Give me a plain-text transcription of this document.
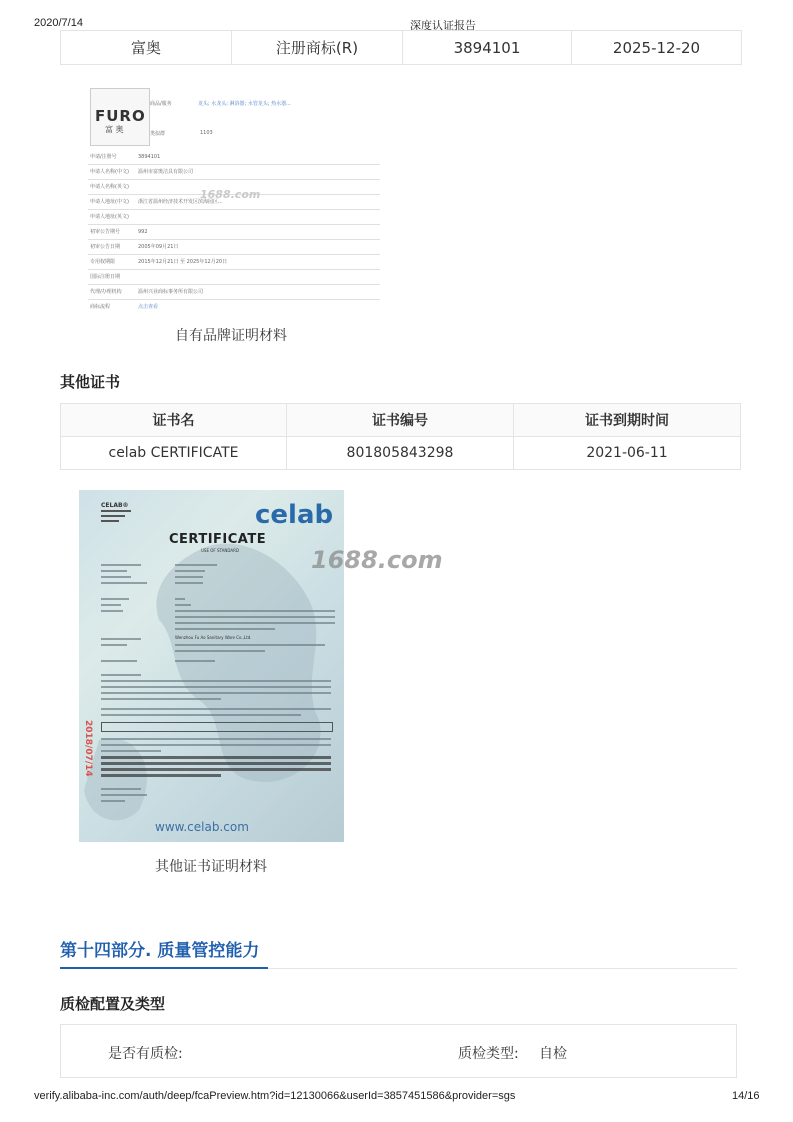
2020/7/14	深度认证报告
富奥	注册商标(R)	3894101	2025-12-20
FURO
富 奥
商品/服务	龙头; 水龙头; 淋浴器; 水管龙头; 热水器...
类似群	1103
申请/注册号	3894101
申请人名称(中文) 温州市富奥洁具有限公司
申请人名称(英文)
申请人地址(中文) 浙江省温州经济技术开发区滨海园区...
申请人地址(英文)
初审公告期号	992
初审公告日期	2005年09月21日
专用权期限	2015年12月21日 至 2025年12月20日
国际注册日期
代理/办理机构	温州兴业商标事务所有限公司
商标流程	点击查看
1688.com
自有品牌证明材料
其他证书
证书名	证书编号	证书到期时间
celab CERTIFICATE	801805843298	2021-06-11
CELAB®	celab
CERTIFICATE
USE OF STANDARD	1688.com
Wenzhou Fu Ao Sanitary Ware Co.,Ltd.
2018/07/14
www.celab.com
其他证书证明材料
第十四部分. 质量管控能力
质检配置及类型
是否有质检:	质检类型: 自检
verify.alibaba-inc.com/auth/deep/fcaPreview.htm?id=12130066&userId=3857451586&provider=sgs	14/16
